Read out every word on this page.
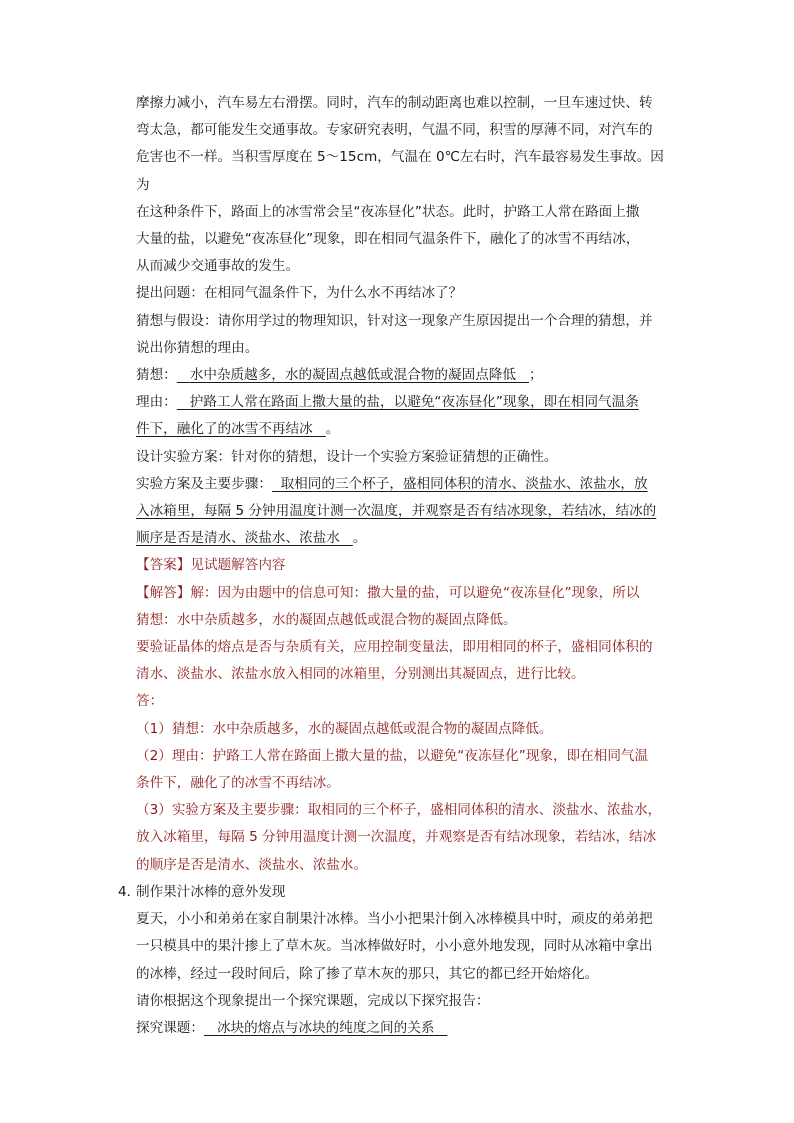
摩擦力减小，汽车易左右滑摆。同时，汽车的制动距离也难以控制，一旦车速过快、转

弯太急，都可能发生交通事故。专家研究表明，气温不同，积雪的厚薄不同，对汽车的

危害也不一样。当积雪厚度在 5～15cm，气温在 0℃左右时，汽车最容易发生事故。因为

在这种条件下，路面上的冰雪常会呈“夜冻昼化”状态。此时，护路工人常在路面上撒

大量的盐，以避免“夜冻昼化”现象，即在相同气温条件下，融化了的冰雪不再结冰，

从而减少交通事故的发生。

提出问题：在相同气温条件下，为什么水不再结冰了？

猜想与假设：请你用学过的物理知识，针对这一现象产生原因提出一个合理的猜想，并

说出你猜想的理由。

猜想： 水中杂质越多，水的凝固点越低或混合物的凝固点降低 ；

理由： 护路工人常在路面上撒大量的盐，以避免“夜冻昼化”现象，即在相同气温条

件下，融化了的冰雪不再结冰 。

设计实验方案：针对你的猜想，设计一个实验方案验证猜想的正确性。

实验方案及主要步骤： 取相同的三个杯子，盛相同体积的清水、淡盐水、浓盐水，放

入冰箱里，每隔 5 分钟用温度计测一次温度，并观察是否有结冰现象，若结冰，结冰的

顺序是否是清水、淡盐水、浓盐水 。

【答案】见试题解答内容

【解答】解：因为由题中的信息可知：撒大量的盐，可以避免“夜冻昼化”现象，所以

猜想：水中杂质越多，水的凝固点越低或混合物的凝固点降低。

要验证晶体的熔点是否与杂质有关，应用控制变量法，即用相同的杯子，盛相同体积的

清水、淡盐水、浓盐水放入相同的冰箱里，分别测出其凝固点，进行比较。

答：

（1）猜想：水中杂质越多，水的凝固点越低或混合物的凝固点降低。

（2）理由：护路工人常在路面上撒大量的盐，以避免“夜冻昼化”现象，即在相同气温

条件下，融化了的冰雪不再结冰。

（3）实验方案及主要步骤：取相同的三个杯子，盛相同体积的清水、淡盐水、浓盐水，

放入冰箱里，每隔 5 分钟用温度计测一次温度，并观察是否有结冰现象，若结冰，结冰

的顺序是否是清水、淡盐水、浓盐水。

4．
制作果汁冰棒的意外发现

夏天，小小和弟弟在家自制果汁冰棒。当小小把果汁倒入冰棒模具中时，顽皮的弟弟把

一只模具中的果汁掺上了草木灰。当冰棒做好时，小小意外地发现，同时从冰箱中拿出

的冰棒，经过一段时间后，除了掺了草木灰的那只，其它的都已经开始熔化。

请你根据这个现象提出一个探究课题，完成以下探究报告：

探究课题： 冰块的熔点与冰块的纯度之间的关系
